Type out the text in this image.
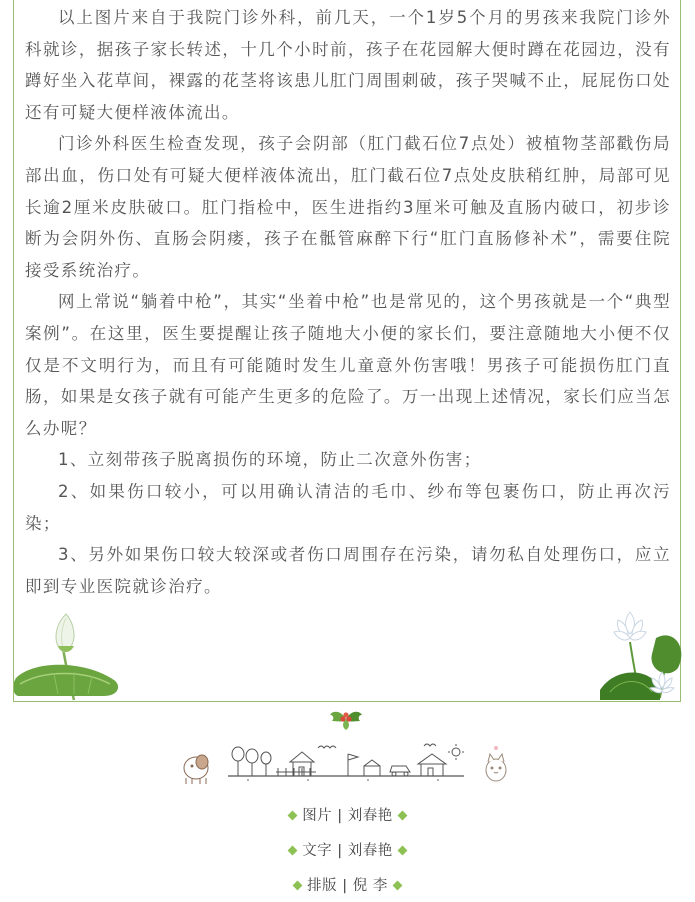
以上图片来自于我院门诊外科，前几天，一个1岁5个月的男孩来我院门诊外科就诊，据孩子家长转述，十几个小时前，孩子在花园解大便时蹲在花园边，没有蹲好坐入花草间，裸露的花茎将该患儿肛门周围刺破，孩子哭喊不止，屁屁伤口处还有可疑大便样液体流出。

门诊外科医生检查发现，孩子会阴部（肛门截石位7点处）被植物茎部戳伤局部出血，伤口处有可疑大便样液体流出，肛门截石位7点处皮肤稍红肿，局部可见长逾2厘米皮肤破口。肛门指检中，医生进指约3厘米可触及直肠内破口，初步诊断为会阴外伤、直肠会阴瘘，孩子在骶管麻醉下行“肛门直肠修补术”，需要住院接受系统治疗。

网上常说“躺着中枪”，其实“坐着中枪”也是常见的，这个男孩就是一个“典型案例”。在这里，医生要提醒让孩子随地大小便的家长们，要注意随地大小便不仅仅是不文明行为，而且有可能随时发生儿童意外伤害哦！男孩子可能损伤肛门直肠，如果是女孩子就有可能产生更多的危险了。万一出现上述情况，家长们应当怎么办呢？

1、立刻带孩子脱离损伤的环境，防止二次意外伤害；

2、如果伤口较小，可以用确认清洁的毛巾、纱布等包裹伤口，防止再次污染；

3、另外如果伤口较大较深或者伤口周围存在污染，请勿私自处理伤口，应立即到专业医院就诊治疗。

图片 | 刘春艳
文字 | 刘春艳
排版 | 倪 李
